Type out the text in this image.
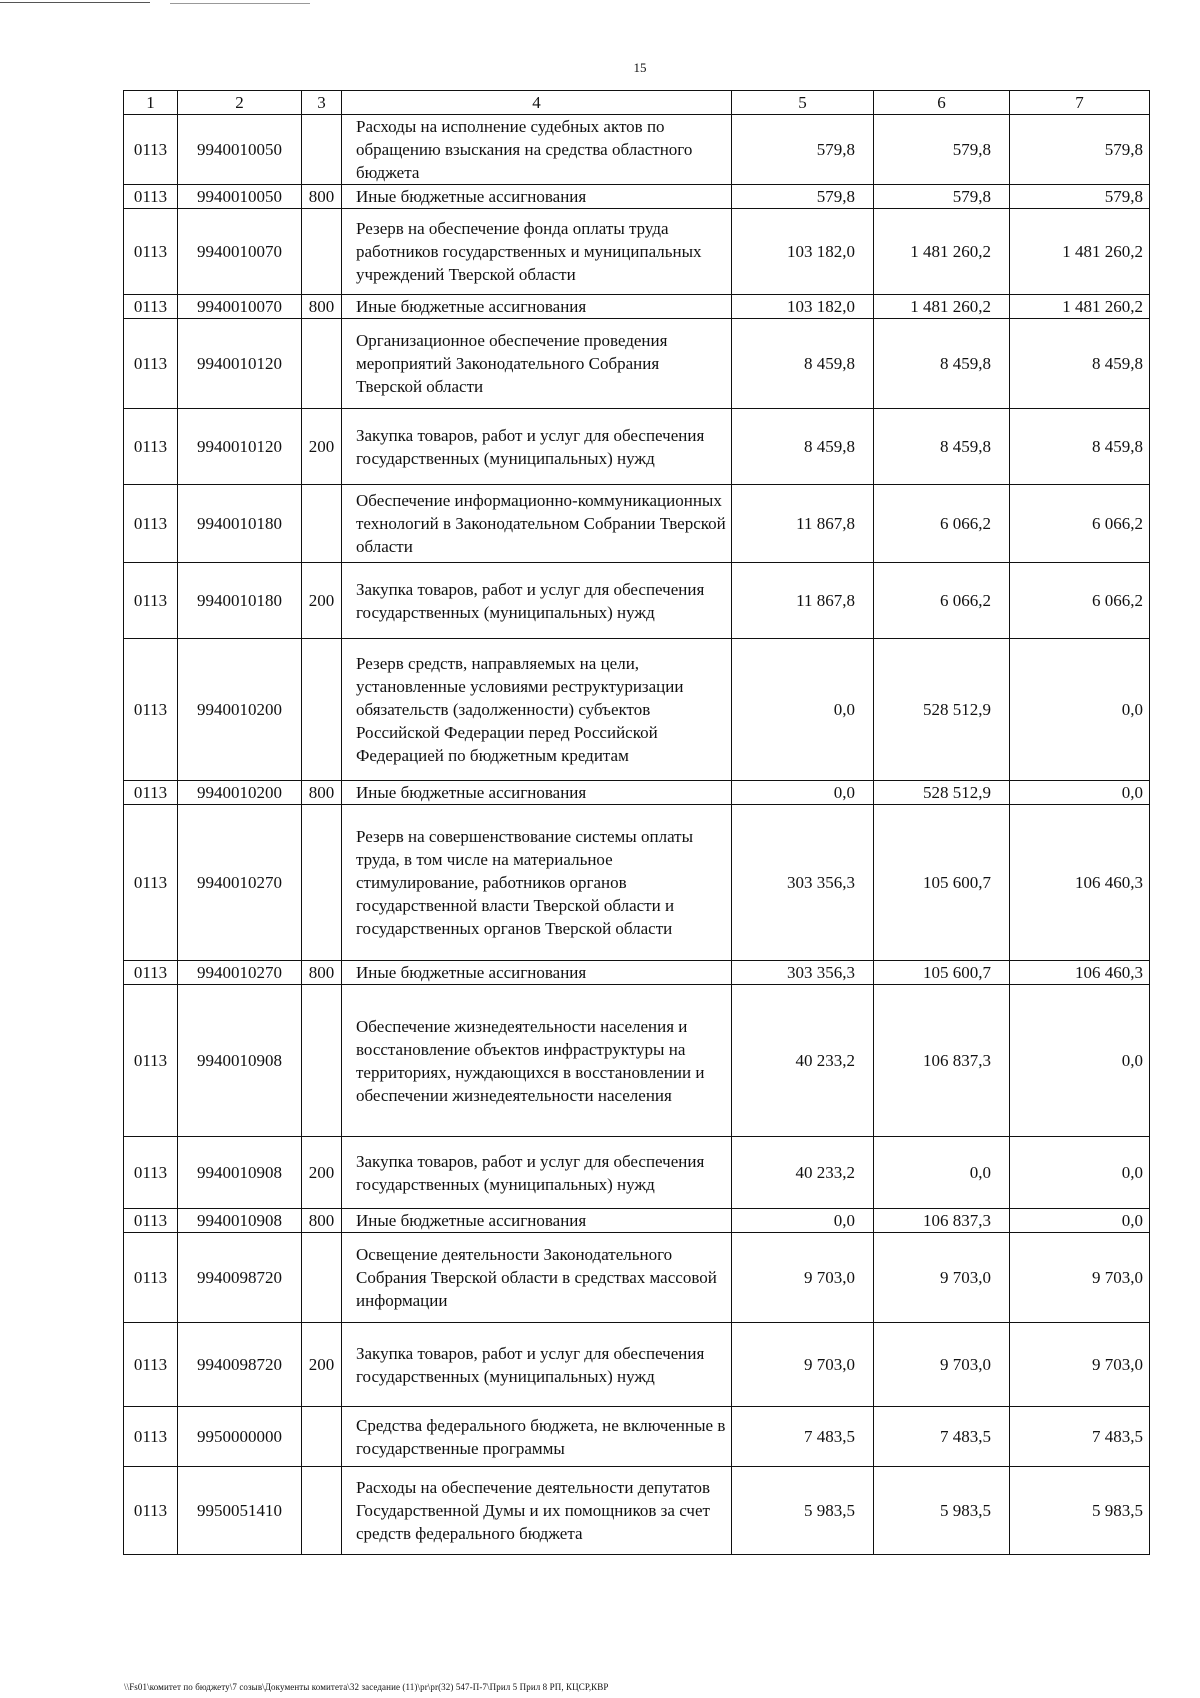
15
1	2	3	4	5	6	7
0113	9940010050		Расходы на исполнение судебных актов по обращению взыскания на средства областного бюджета	579,8	579,8	579,8
0113	9940010050	800	Иные бюджетные ассигнования	579,8	579,8	579,8
0113	9940010070		Резерв на обеспечение фонда оплаты труда работников государственных и муниципальных учреждений Тверской области	103 182,0	1 481 260,2	1 481 260,2
0113	9940010070	800	Иные бюджетные ассигнования	103 182,0	1 481 260,2	1 481 260,2
0113	9940010120		Организационное обеспечение проведения мероприятий Законодательного Собрания Тверской области	8 459,8	8 459,8	8 459,8
0113	9940010120	200	Закупка товаров, работ и услуг для обеспечения государственных (муниципальных) нужд	8 459,8	8 459,8	8 459,8
0113	9940010180		Обеспечение информационно-коммуникационных технологий в Законодательном Собрании Тверской области	11 867,8	6 066,2	6 066,2
0113	9940010180	200	Закупка товаров, работ и услуг для обеспечения государственных (муниципальных) нужд	11 867,8	6 066,2	6 066,2
0113	9940010200		Резерв средств, направляемых на цели, установленные условиями реструктуризации обязательств (задолженности) субъектов Российской Федерации перед Российской Федерацией по бюджетным кредитам	0,0	528 512,9	0,0
0113	9940010200	800	Иные бюджетные ассигнования	0,0	528 512,9	0,0
0113	9940010270		Резерв на совершенствование системы оплаты труда, в том числе на материальное стимулирование, работников органов государственной власти Тверской области и государственных органов Тверской области	303 356,3	105 600,7	106 460,3
0113	9940010270	800	Иные бюджетные ассигнования	303 356,3	105 600,7	106 460,3
0113	9940010908		Обеспечение жизнедеятельности населения и восстановление объектов инфраструктуры на территориях, нуждающихся в восстановлении и обеспечении жизнедеятельности населения	40 233,2	106 837,3	0,0
0113	9940010908	200	Закупка товаров, работ и услуг для обеспечения государственных (муниципальных) нужд	40 233,2	0,0	0,0
0113	9940010908	800	Иные бюджетные ассигнования	0,0	106 837,3	0,0
0113	9940098720		Освещение деятельности Законодательного Собрания Тверской области в средствах массовой информации	9 703,0	9 703,0	9 703,0
0113	9940098720	200	Закупка товаров, работ и услуг для обеспечения государственных (муниципальных) нужд	9 703,0	9 703,0	9 703,0
0113	9950000000		Средства федерального бюджета, не включенные в государственные программы	7 483,5	7 483,5	7 483,5
0113	9950051410		Расходы на обеспечение деятельности депутатов Государственной Думы и их помощников за счет средств федерального бюджета	5 983,5	5 983,5	5 983,5
\\Fs01\комитет по бюджету\7 созыв\Документы комитета\32 заседание (11)\pr\pr(32) 547-П-7\Прил 5 Прил 8 РП, КЦСР,КВР
